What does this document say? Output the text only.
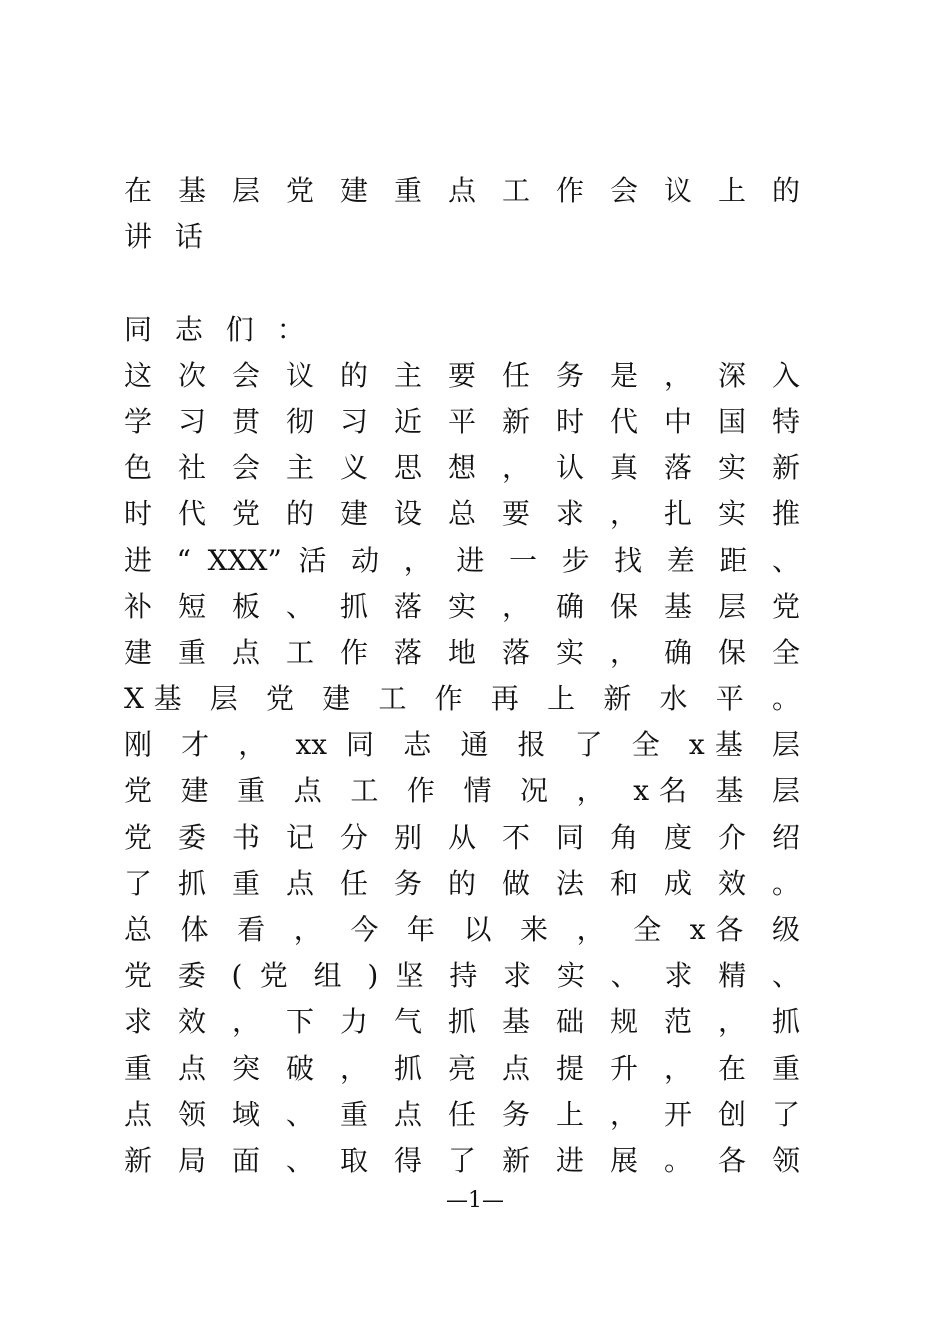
在 基 层 党 建 重 点 工 作 会 议 上 的
讲 话
同 志 们 ：
这 次 会 议 的 主 要 任 务 是 ， 深 入
学 习 贯 彻 习 近 平 新 时 代 中 国 特
色 社 会 主 义 思 想 ， 认 真 落 实 新
时 代 党 的 建 设 总 要 求 ， 扎 实 推
进 “ XXX” 活 动 ， 进 一 步 找 差 距 、
补 短 板 、 抓 落 实 ， 确 保 基 层 党
建 重 点 工 作 落 地 落 实 ， 确 保 全
X基 层 党 建 工 作 再 上 新 水 平 。
刚 才 ， xx 同 志 通 报 了 全 x基 层
党 建 重 点 工 作 情 况 ， x名 基 层
党 委 书 记 分 别 从 不 同 角 度 介 绍
了 抓 重 点 任 务 的 做 法 和 成 效 。
总 体 看 ， 今 年 以 来 ， 全 x各 级
党 委 ( 党 组 ) 坚 持 求 实 、 求 精 、
求 效 ， 下 力 气 抓 基 础 规 范 ， 抓
重 点 突 破 ， 抓 亮 点 提 升 ， 在 重
点 领 域 、 重 点 任 务 上 ， 开 创 了
新 局 面 、 取 得 了 新 进 展 。 各 领
—1—
